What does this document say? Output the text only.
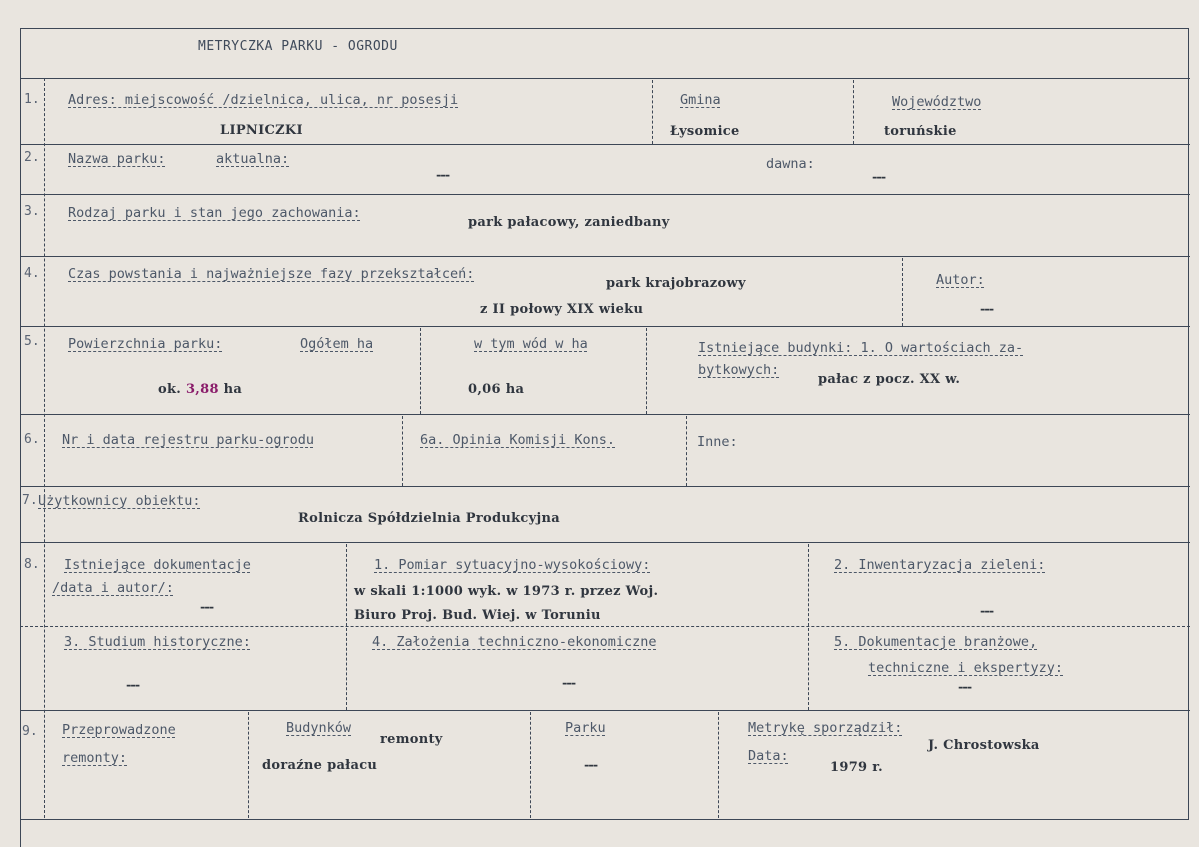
METRYCZKA PARKU - OGRODU
1. Adres: miejscowość /dzielnica, ulica, nr posesji
LIPNICZKI
Gmina
Łysomice
Województwo
toruńskie
2. Nazwa parku:	aktualna:
---
dawna:
---
3. Rodzaj parku i stan jego zachowania:
park pałacowy, zaniedbany
4. Czas powstania i najważniejsze fazy przekształceń:
park krajobrazowy
z II połowy XIX wieku
Autor:
---
5. Powierzchnia parku:	Ogółem ha
ok. 3,88 ha
w tym wód w ha
0,06 ha
Istniejące budynki: 1. O wartościach za-
bytkowych:
pałac z pocz. XX w.
6. Nr i data rejestru parku-ogrodu	6a. Opinia Komisji Kons.	Inne:
7. Użytkownicy obiektu:
Rolnicza Spółdzielnia Produkcyjna
8. Istniejące dokumentacje
/data i autor/:
---
1. Pomiar sytuacyjno-wysokościowy:
w skali 1:1000 wyk. w 1973 r. przez Woj.
Biuro Proj. Bud. Wiej. w Toruniu
2. Inwentaryzacja zieleni:
---
3. Studium historyczne:
---
4. Założenia techniczno-ekonomiczne
---
5. Dokumentacje branżowe,
techniczne i ekspertyzy:
---
9. Przeprowadzone
remonty:
Budynków
remonty
doraźne pałacu
Parku
---
Metrykę sporządził:
J. Chrostowska
Data:
1979 r.
